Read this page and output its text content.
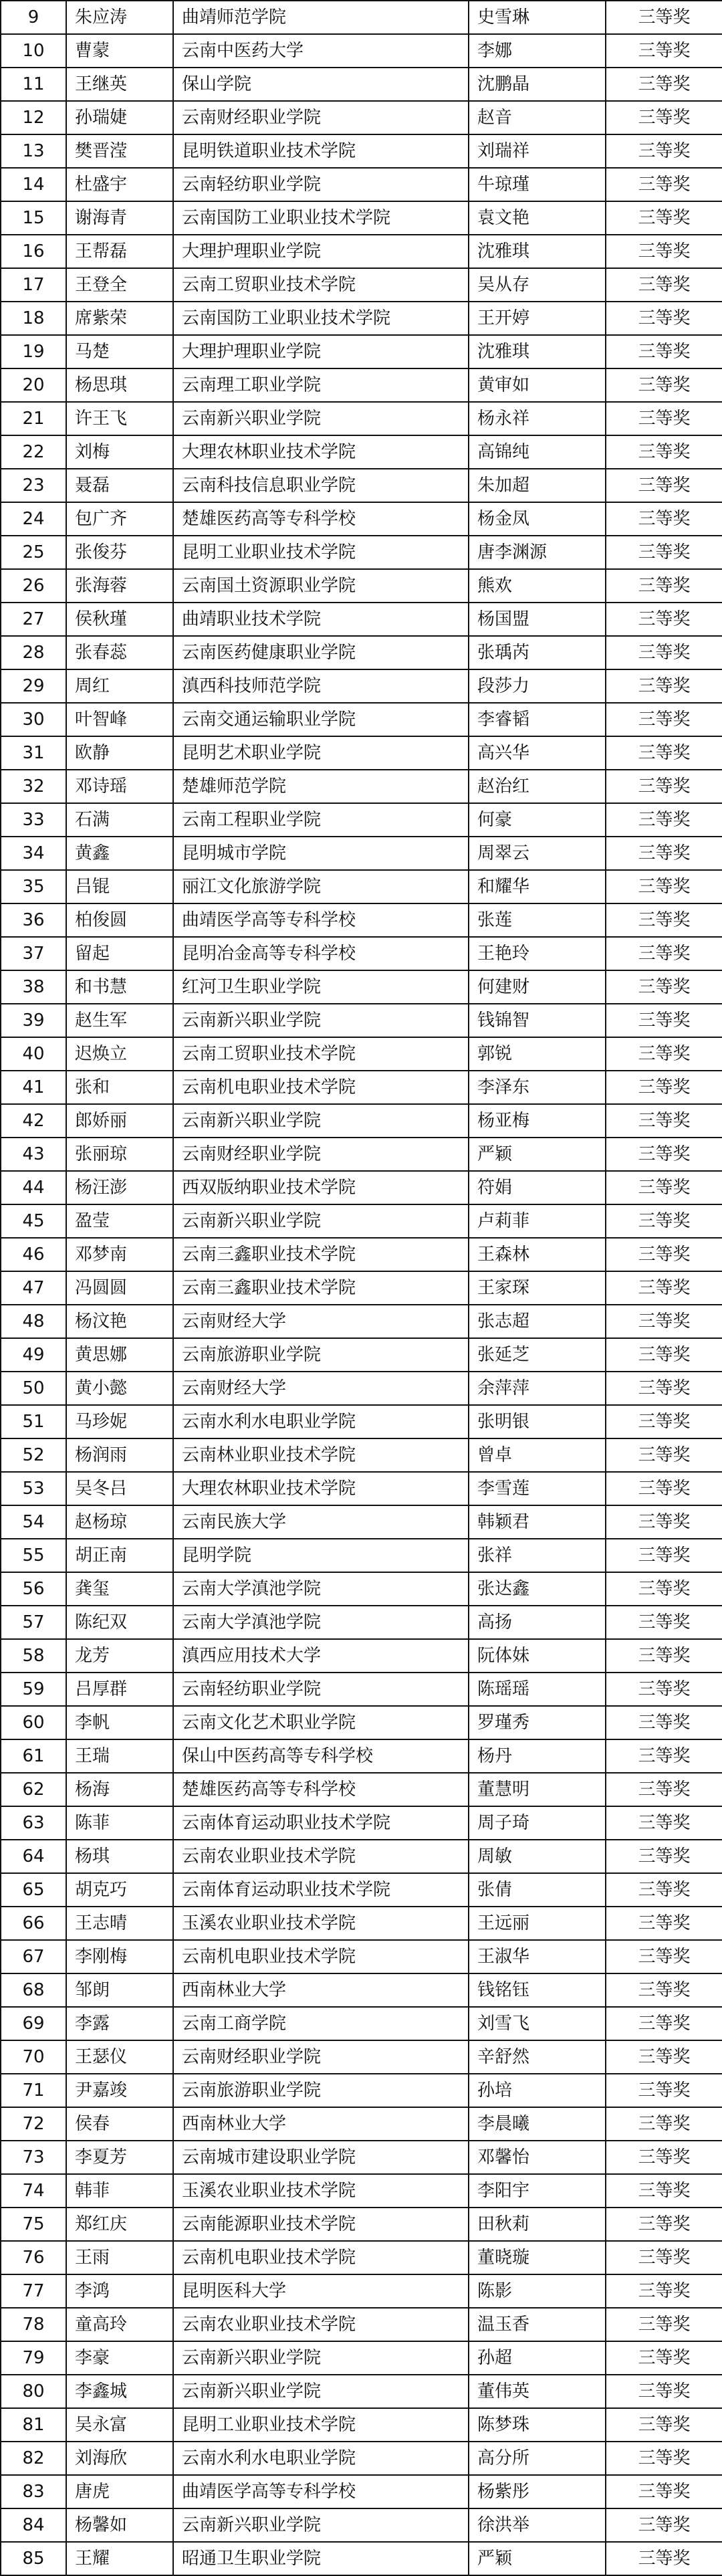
9	朱应涛	曲靖师范学院	史雪琳	三等奖
10	曹蒙	云南中医药大学	李娜	三等奖
11	王继英	保山学院	沈鹏晶	三等奖
12	孙瑞婕	云南财经职业学院	赵音	三等奖
13	樊晋滢	昆明铁道职业技术学院	刘瑞祥	三等奖
14	杜盛宇	云南轻纺职业学院	牛琼瑾	三等奖
15	谢海青	云南国防工业职业技术学院	袁文艳	三等奖
16	王帮磊	大理护理职业学院	沈雅琪	三等奖
17	王登全	云南工贸职业技术学院	吴从存	三等奖
18	席紫荣	云南国防工业职业技术学院	王开婷	三等奖
19	马楚	大理护理职业学院	沈雅琪	三等奖
20	杨思琪	云南理工职业学院	黄审如	三等奖
21	许王飞	云南新兴职业学院	杨永祥	三等奖
22	刘梅	大理农林职业技术学院	高锦纯	三等奖
23	聂磊	云南科技信息职业学院	朱加超	三等奖
24	包广齐	楚雄医药高等专科学校	杨金凤	三等奖
25	张俊芬	昆明工业职业技术学院	唐李渊源	三等奖
26	张海蓉	云南国土资源职业学院	熊欢	三等奖
27	侯秋瑾	曲靖职业技术学院	杨国盟	三等奖
28	张春蕊	云南医药健康职业学院	张瑀芮	三等奖
29	周红	滇西科技师范学院	段莎力	三等奖
30	叶智峰	云南交通运输职业学院	李睿韬	三等奖
31	欧静	昆明艺术职业学院	高兴华	三等奖
32	邓诗瑶	楚雄师范学院	赵治红	三等奖
33	石满	云南工程职业学院	何豪	三等奖
34	黄鑫	昆明城市学院	周翠云	三等奖
35	吕锟	丽江文化旅游学院	和耀华	三等奖
36	柏俊圆	曲靖医学高等专科学校	张莲	三等奖
37	留起	昆明冶金高等专科学校	王艳玲	三等奖
38	和书慧	红河卫生职业学院	何建财	三等奖
39	赵生军	云南新兴职业学院	钱锦智	三等奖
40	迟焕立	云南工贸职业技术学院	郭锐	三等奖
41	张和	云南机电职业技术学院	李泽东	三等奖
42	郎娇丽	云南新兴职业学院	杨亚梅	三等奖
43	张丽琼	云南财经职业学院	严颖	三等奖
44	杨汪澎	西双版纳职业技术学院	符娟	三等奖
45	盈莹	云南新兴职业学院	卢莉菲	三等奖
46	邓梦南	云南三鑫职业技术学院	王森林	三等奖
47	冯圆圆	云南三鑫职业技术学院	王家琛	三等奖
48	杨汶艳	云南财经大学	张志超	三等奖
49	黄思娜	云南旅游职业学院	张延芝	三等奖
50	黄小懿	云南财经大学	余萍萍	三等奖
51	马珍妮	云南水利水电职业学院	张明银	三等奖
52	杨润雨	云南林业职业技术学院	曾卓	三等奖
53	吴冬吕	大理农林职业技术学院	李雪莲	三等奖
54	赵杨琼	云南民族大学	韩颖君	三等奖
55	胡正南	昆明学院	张祥	三等奖
56	龚玺	云南大学滇池学院	张达鑫	三等奖
57	陈纪双	云南大学滇池学院	高扬	三等奖
58	龙芳	滇西应用技术大学	阮体妹	三等奖
59	吕厚群	云南轻纺职业学院	陈瑶瑶	三等奖
60	李帆	云南文化艺术职业学院	罗瑾秀	三等奖
61	王瑞	保山中医药高等专科学校	杨丹	三等奖
62	杨海	楚雄医药高等专科学校	董慧明	三等奖
63	陈菲	云南体育运动职业技术学院	周子琦	三等奖
64	杨琪	云南农业职业技术学院	周敏	三等奖
65	胡克巧	云南体育运动职业技术学院	张倩	三等奖
66	王志晴	玉溪农业职业技术学院	王远丽	三等奖
67	李刚梅	云南机电职业技术学院	王淑华	三等奖
68	邹朗	西南林业大学	钱铭钰	三等奖
69	李露	云南工商学院	刘雪飞	三等奖
70	王瑟仪	云南财经职业学院	辛舒然	三等奖
71	尹嘉竣	云南旅游职业学院	孙培	三等奖
72	侯春	西南林业大学	李晨曦	三等奖
73	李夏芳	云南城市建设职业学院	邓馨怡	三等奖
74	韩菲	玉溪农业职业技术学院	李阳宇	三等奖
75	郑红庆	云南能源职业技术学院	田秋莉	三等奖
76	王雨	云南机电职业技术学院	董晓璇	三等奖
77	李鸿	昆明医科大学	陈影	三等奖
78	童高玲	云南农业职业技术学院	温玉香	三等奖
79	李豪	云南新兴职业学院	孙超	三等奖
80	李鑫城	云南新兴职业学院	董伟英	三等奖
81	吴永富	昆明工业职业技术学院	陈梦珠	三等奖
82	刘海欣	云南水利水电职业学院	高分所	三等奖
83	唐虎	曲靖医学高等专科学校	杨紫彤	三等奖
84	杨馨如	云南新兴职业学院	徐洪举	三等奖
85	王耀	昭通卫生职业学院	严颖	三等奖
